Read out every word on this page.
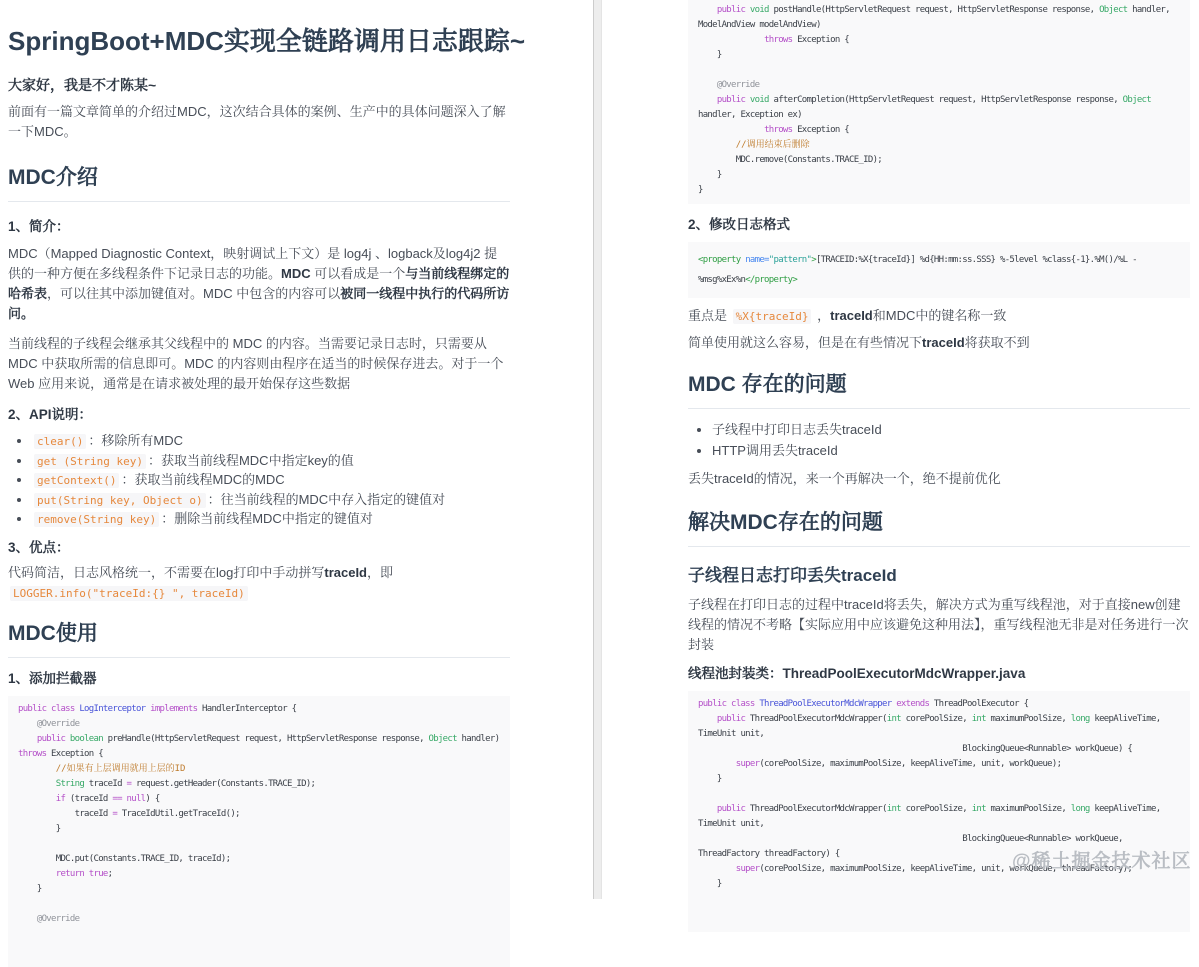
SpringBoot+MDC实现全链路调用日志跟踪~

大家好，我是不才陈某~

前面有一篇文章简单的介绍过MDC，这次结合具体的案例、生产中的具体问题深入了解一下MDC。

MDC介绍

1、简介：

MDC（Mapped Diagnostic Context，映射调试上下文）是 log4j 、logback及log4j2 提供的一种方便在多线程条件下记录日志的功能。MDC 可以看成是一个与当前线程绑定的哈希表，可以往其中添加键值对。MDC 中包含的内容可以被同一线程中执行的代码所访问。

当前线程的子线程会继承其父线程中的 MDC 的内容。当需要记录日志时，只需要从 MDC 中获取所需的信息即可。MDC 的内容则由程序在适当的时候保存进去。对于一个 Web 应用来说，通常是在请求被处理的最开始保存这些数据

2、API说明：

• clear() ：移除所有MDC
• get (String key) ：获取当前线程MDC中指定key的值
• getContext() ：获取当前线程MDC的MDC
• put(String key, Object o) ：往当前线程的MDC中存入指定的键值对
• remove(String key) ：删除当前线程MDC中指定的键值对

3、优点：

代码简洁，日志风格统一，不需要在log打印中手动拼写traceId，即 LOGGER.info("traceId:{} ", traceId)

MDC使用

1、添加拦截器

public class LogInterceptor implements HandlerInterceptor {
@Override
public boolean preHandle(HttpServletRequest request, HttpServletResponse response, Object handler)
throws Exception {
//如果有上层调用就用上层的ID
String traceId = request.getHeader(Constants.TRACE_ID);
if (traceId == null) {
traceId = TraceIdUtil.getTraceId();
}

MDC.put(Constants.TRACE_ID, traceId);
return true;
}

@Override
public void postHandle(HttpServletRequest request, HttpServletResponse response, Object handler,
ModelAndView modelAndView)
throws Exception {
}

@Override
public void afterCompletion(HttpServletRequest request, HttpServletResponse response, Object
handler, Exception ex)
throws Exception {
//调用结束后删除
MDC.remove(Constants.TRACE_ID);
}
}

2、修改日志格式

<property name="pattern">[TRACEID:%X{traceId}] %d{HH:mm:ss.SSS} %-5level %class{-1}.%M()/%L -
%msg%xEx%n</property>

重点是 %X{traceId} ，traceId和MDC中的键名称一致

简单使用就这么容易，但是在有些情况下traceId将获取不到

MDC 存在的问题
• 子线程中打印日志丢失traceId
• HTTP调用丢失traceId

丢失traceId的情况，来一个再解决一个，绝不提前优化

解决MDC存在的问题
子线程日志打印丢失traceId

子线程在打印日志的过程中traceId将丢失，解决方式为重写线程池，对于直接new创建线程的情况不考略【实际应用中应该避免这种用法】，重写线程池无非是对任务进行一次封装

线程池封装类：ThreadPoolExecutorMdcWrapper.java

public class ThreadPoolExecutorMdcWrapper extends ThreadPoolExecutor {
public ThreadPoolExecutorMdcWrapper(int corePoolSize, int maximumPoolSize, long keepAliveTime,
TimeUnit unit,
BlockingQueue<Runnable> workQueue) {
super(corePoolSize, maximumPoolSize, keepAliveTime, unit, workQueue);
}

public ThreadPoolExecutorMdcWrapper(int corePoolSize, int maximumPoolSize, long keepAliveTime,
TimeUnit unit,
BlockingQueue<Runnable> workQueue,
ThreadFactory threadFactory) {
super(corePoolSize, maximumPoolSize, keepAliveTime, unit, workQueue, threadFactory);
}
@稀土掘金技术社区
